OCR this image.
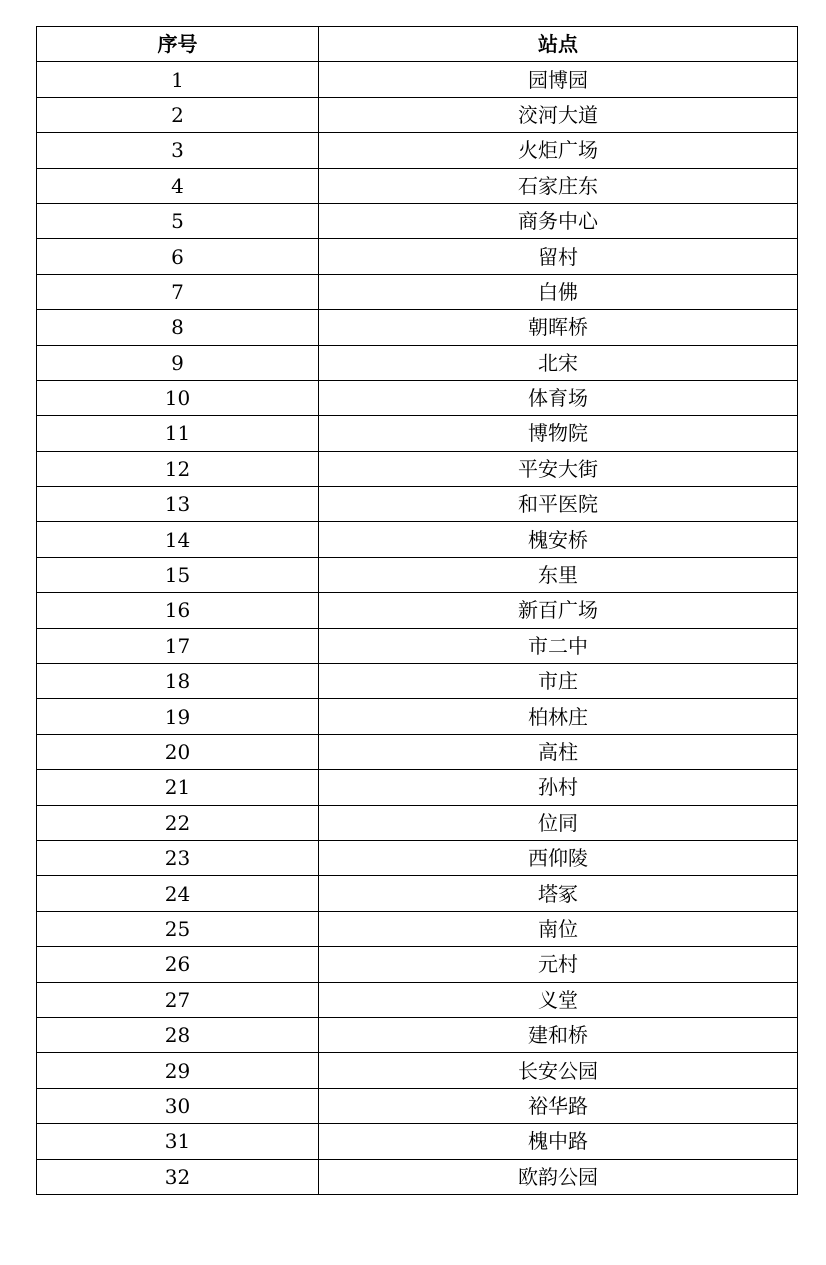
序号	站点
1	园博园
2	洨河大道
3	火炬广场
4	石家庄东
5	商务中心
6	留村
7	白佛
8	朝晖桥
9	北宋
10	体育场
11	博物院
12	平安大街
13	和平医院
14	槐安桥
15	东里
16	新百广场
17	市二中
18	市庄
19	柏林庄
20	高柱
21	孙村
22	位同
23	西仰陵
24	塔冢
25	南位
26	元村
27	义堂
28	建和桥
29	长安公园
30	裕华路
31	槐中路
32	欧韵公园
